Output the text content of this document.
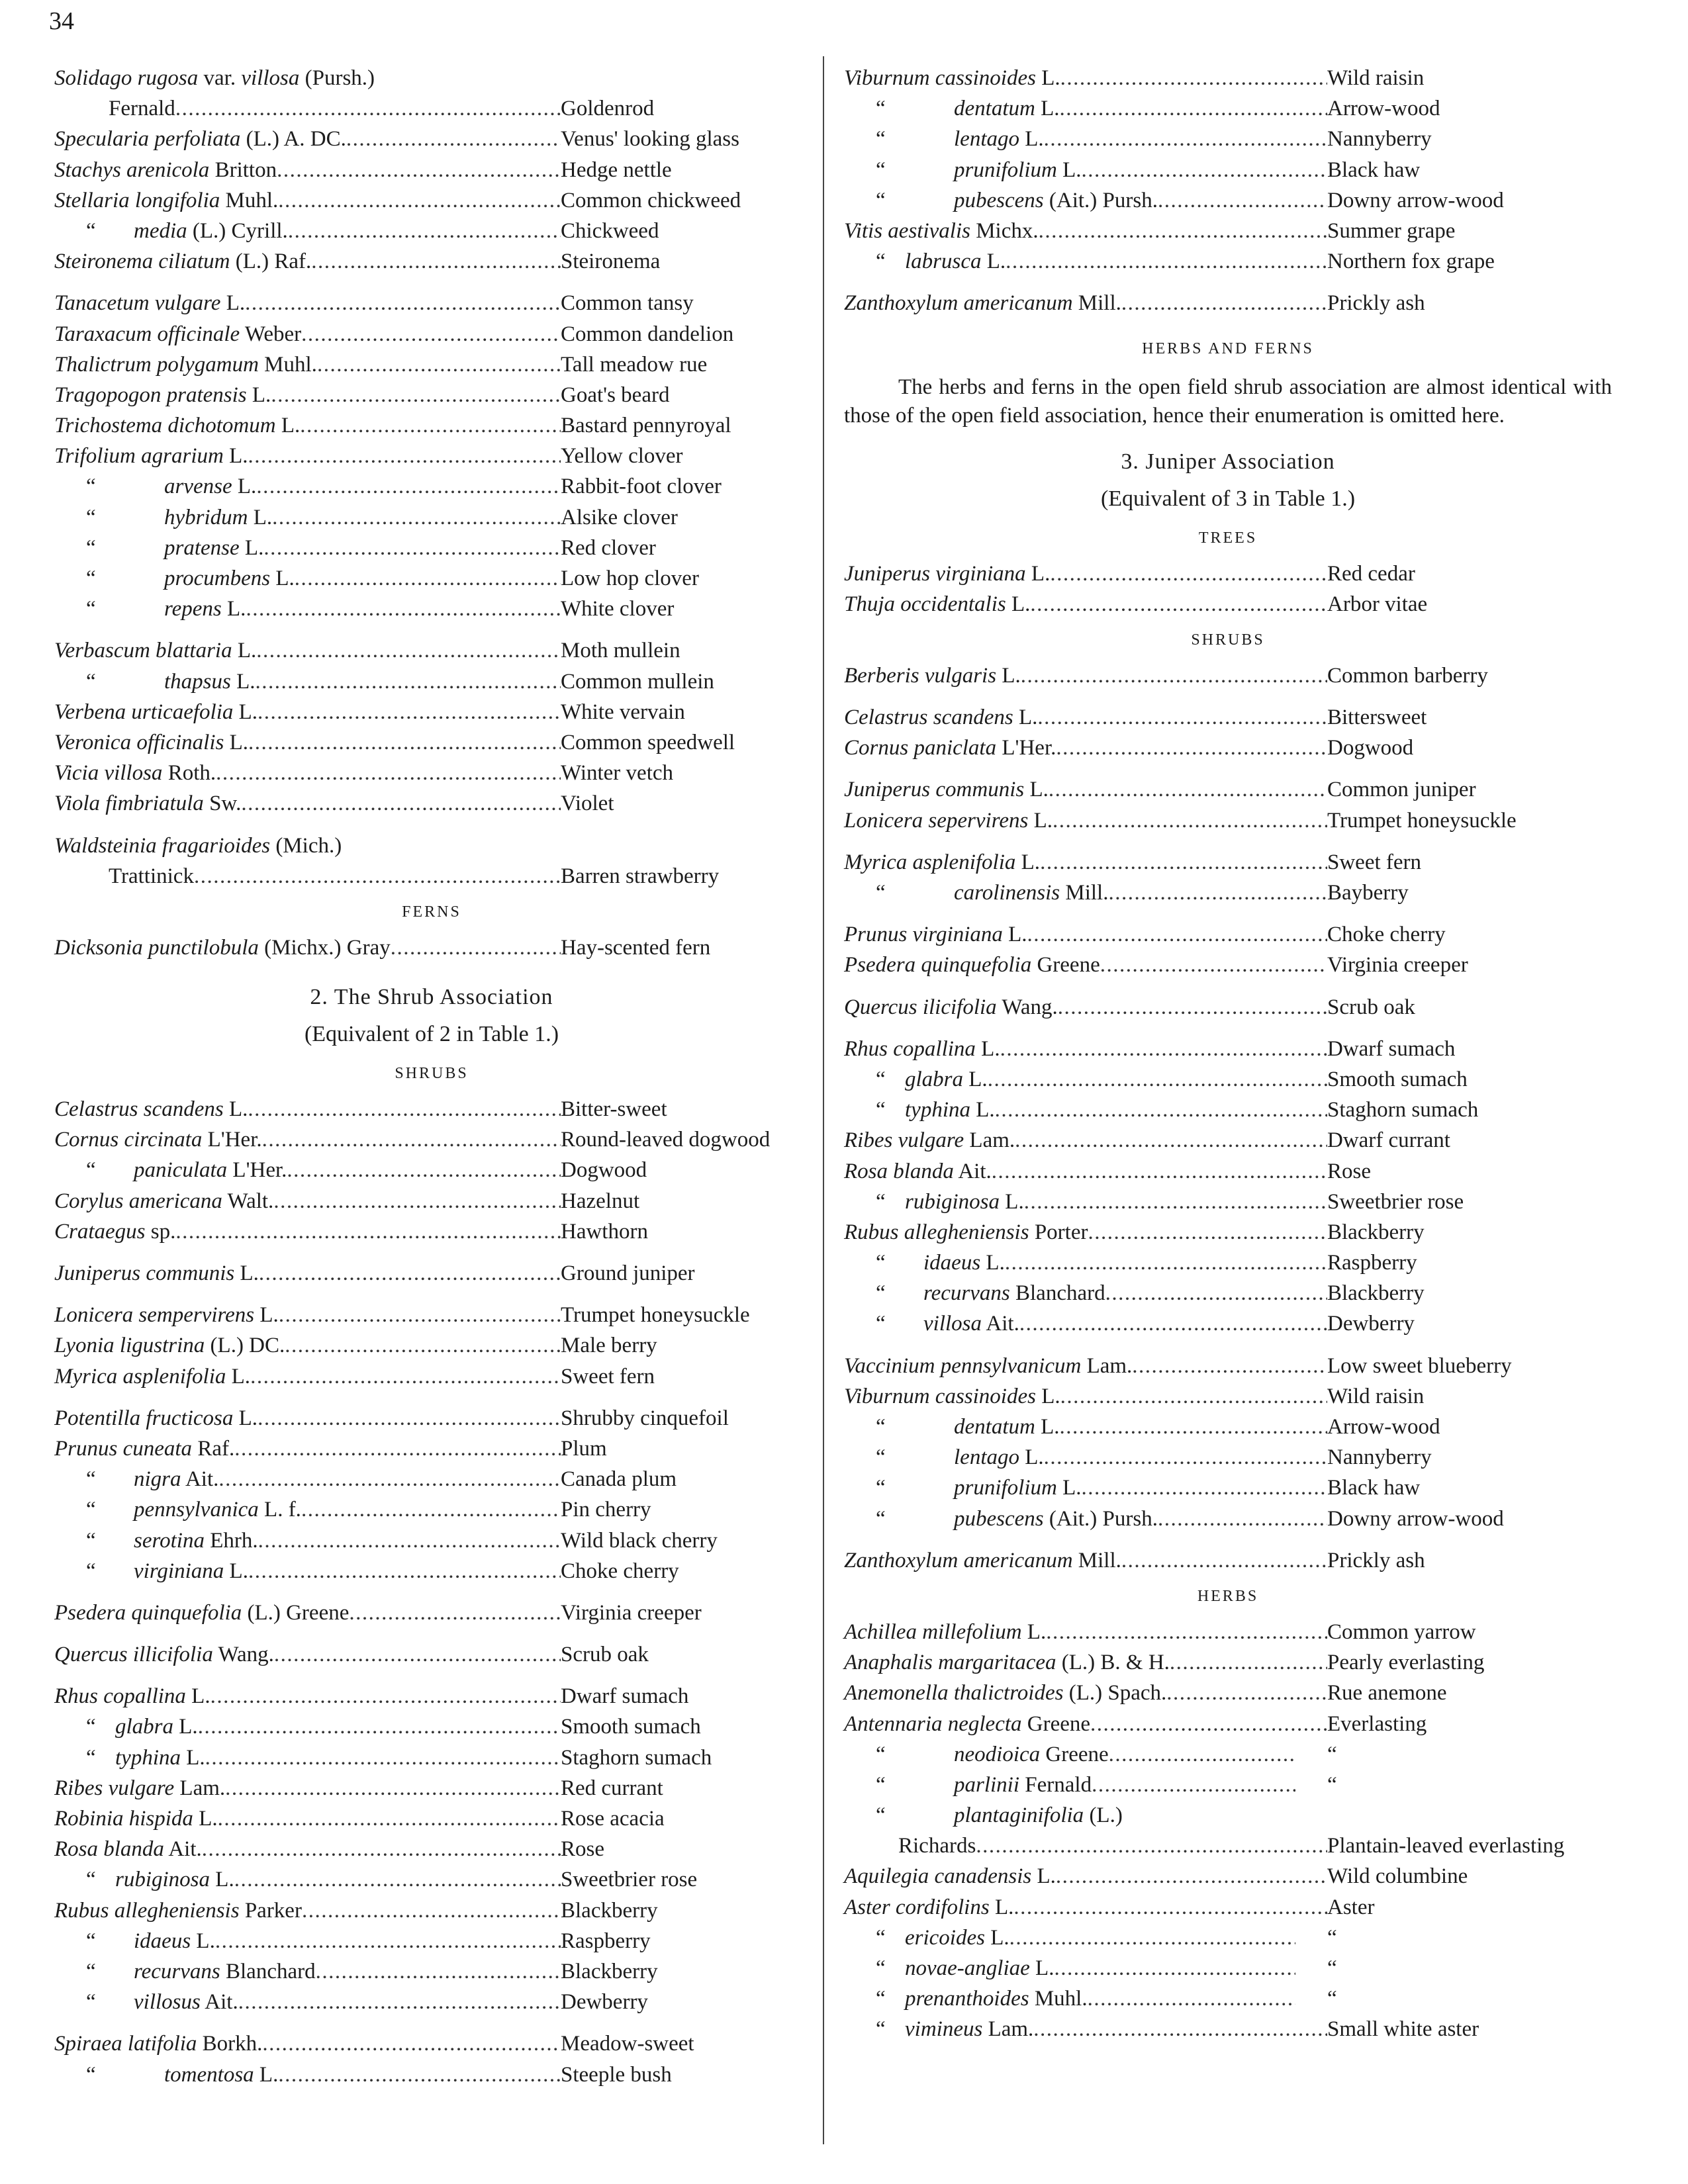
34
Solidago rugosa var. villosa (Pursh.)
Fernald .....	Goldenrod
Specularia perfoliata (L.) A. DC. .....	Venus' looking glass
Stachys arenicola Britton .....	Hedge nettle
Stellaria longifolia Muhl. .....	Common chickweed
“ media (L.) Cyrill. .....	Chickweed
Steironema ciliatum (L.) Raf. .....	Steironema
Tanacetum vulgare L. .....	Common tansy
Taraxacum officinale Weber .....	Common dandelion
Thalictrum polygamum Muhl. .....	Tall meadow rue
Tragopogon pratensis L. .....	Goat's beard
Trichostema dichotomum L. .....	Bastard pennyroyal
Trifolium agrarium L. .....	Yellow clover
“	arvense L. .....	Rabbit-foot clover
“	hybridum L. .....	Alsike clover
“	pratense L. .....	Red clover
“	procumbens L. .....	Low hop clover
“	repens L. .....	White clover
Verbascum blattaria L. .....	Moth mullein
“	thapsus L. .....	Common mullein
Verbena urticaefolia L. .....	White vervain
Veronica officinalis L. .....	Common speedwell
Vicia villosa Roth. .....	Winter vetch
Viola fimbriatula Sw. .....	Violet
Waldsteinia fragarioides (Mich.)
Trattinick .....	Barren strawberry
FERNS
Dicksonia punctilobula (Michx.) Gray .....	Hay-scented fern
2. The Shrub Association
(Equivalent of 2 in Table 1.)
SHRUBS
Celastrus scandens L. .....	Bitter-sweet
Cornus circinata L'Her. .....	Round-leaved dogwood
“ paniculata L'Her. .....	Dogwood
Corylus americana Walt. .....	Hazelnut
Crataegus sp. .....	Hawthorn
Juniperus communis L. .....	Ground juniper
Lonicera sempervirens L. .....	Trumpet honeysuckle
Lyonia ligustrina (L.) DC. .....	Male berry
Myrica asplenifolia L. .....	Sweet fern
Potentilla fructicosa L. .....	Shrubby cinquefoil
Prunus cuneata Raf. .....	Plum
“ nigra Ait. .....	Canada plum
“ pennsylvanica L. f. .....	Pin cherry
“ serotina Ehrh. .....	Wild black cherry
“ virginiana L. .....	Choke cherry
Psedera quinquefolia (L.) Greene .....	Virginia creeper
Quercus illicifolia Wang. .....	Scrub oak
Rhus copallina L. .....	Dwarf sumach
“ glabra L. .....	Smooth sumach
“ typhina L. .....	Staghorn sumach
Ribes vulgare Lam. .....	Red currant
Robinia hispida L. .....	Rose acacia
Rosa blanda Ait. .....	Rose
“ rubiginosa L. .....	Sweetbrier rose
Rubus allegheniensis Parker .....	Blackberry
“ idaeus L. .....	Raspberry
“ recurvans Blanchard .....	Blackberry
“ villosus Ait. .....	Dewberry
Spiraea latifolia Borkh. .....	Meadow-sweet
“	tomentosa L. .....	Steeple bush
Viburnum cassinoides L. .....	Wild raisin
“	dentatum L. .....	Arrow-wood
“	lentago L. .....	Nannyberry
“	prunifolium L. .....	Black haw
“	pubescens (Ait.) Pursh. .....	Downy arrow-wood
Vitis aestivalis Michx. .....	Summer grape
“ labrusca L. .....	Northern fox grape
Zanthoxylum americanum Mill. .....	Prickly ash
HERBS AND FERNS
The herbs and ferns in the open field shrub association are almost identical with those of the open field association, hence their enumeration is omitted here.
3. Juniper Association
(Equivalent of 3 in Table 1.)
TREES
Juniperus virginiana L. .....	Red cedar
Thuja occidentalis L. .....	Arbor vitae
SHRUBS
Berberis vulgaris L. .....	Common barberry
Celastrus scandens L. .....	Bittersweet
Cornus paniclata L'Her. .....	Dogwood
Juniperus communis L. .....	Common juniper
Lonicera sepervirens L. .....	Trumpet honeysuckle
Myrica asplenifolia L. .....	Sweet fern
“	carolinensis Mill. .....	Bayberry
Prunus virginiana L. .....	Choke cherry
Psedera quinquefolia Greene .....	Virginia creeper
Quercus ilicifolia Wang. .....	Scrub oak
Rhus copallina L. .....	Dwarf sumach
“ glabra L. .....	Smooth sumach
“ typhina L. .....	Staghorn sumach
Ribes vulgare Lam. .....	Dwarf currant
Rosa blanda Ait. .....	Rose
“ rubiginosa L. .....	Sweetbrier rose
Rubus allegheniensis Porter .....	Blackberry
“ idaeus L. .....	Raspberry
“ recurvans Blanchard .....	Blackberry
“ villosa Ait. .....	Dewberry
Vaccinium pennsylvanicum Lam. .....	Low sweet blueberry
Viburnum cassinoides L. .....	Wild raisin
“	dentatum L. .....	Arrow-wood
“	lentago L. .....	Nannyberry
“	prunifolium L. .....	Black haw
“	pubescens (Ait.) Pursh. .....	Downy arrow-wood
Zanthoxylum americanum Mill. .....	Prickly ash
HERBS
Achillea millefolium L. .....	Common yarrow
Anaphalis margaritacea (L.) B. & H. .....	Pearly everlasting
Anemonella thalictroides (L.) Spach. .....	Rue anemone
Antennaria neglecta Greene .....	Everlasting
“	neodioica Greene .....	“
“	parlinii Fernald .....	“
“	plantaginifolia (L.)
Richards .....	Plantain-leaved everlasting
Aquilegia canadensis L. .....	Wild columbine
Aster cordifolins L. .....	Aster
“ ericoides L. .....	“
“ novae-angliae L. .....	“
“ prenanthoides Muhl. .....	“
“ vimineus Lam. .....	Small white aster
